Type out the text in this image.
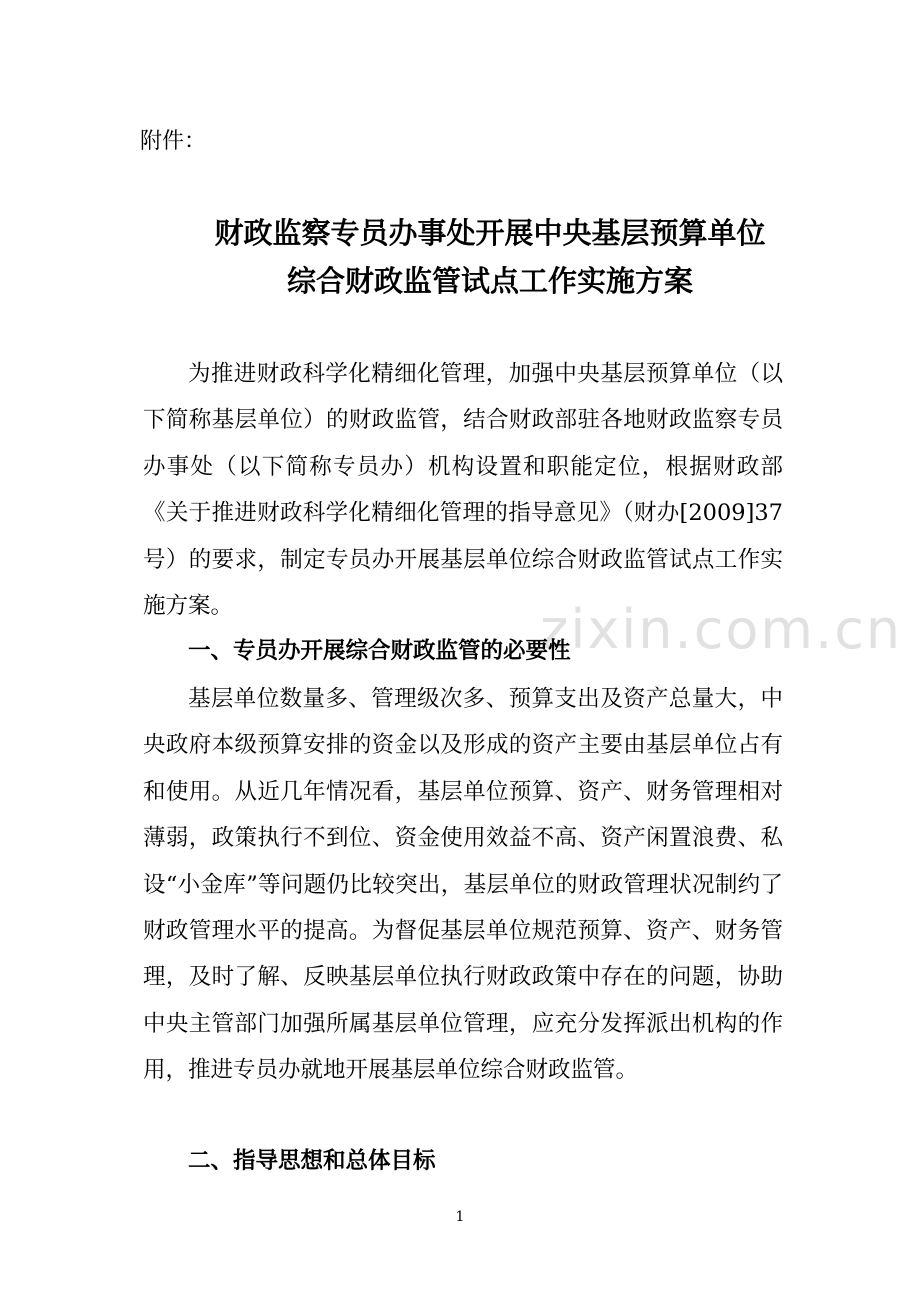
附件：

财政监察专员办事处开展中央基层预算单位
综合财政监管试点工作实施方案

为推进财政科学化精细化管理，加强中央基层预算单位（以下简称基层单位）的财政监管，结合财政部驻各地财政监察专员办事处（以下简称专员办）机构设置和职能定位，根据财政部《关于推进财政科学化精细化管理的指导意见》（财办[2009]37号）的要求，制定专员办开展基层单位综合财政监管试点工作实施方案。	zixin.com.cn
一、专员办开展综合财政监管的必要性

基层单位数量多、管理级次多、预算支出及资产总量大，中央政府本级预算安排的资金以及形成的资产主要由基层单位占有和使用。从近几年情况看，基层单位预算、资产、财务管理相对薄弱，政策执行不到位、资金使用效益不高、资产闲置浪费、私设“小金库”等问题仍比较突出，基层单位的财政管理状况制约了财政管理水平的提高。为督促基层单位规范预算、资产、财务管理，及时了解、反映基层单位执行财政政策中存在的问题，协助中央主管部门加强所属基层单位管理，应充分发挥派出机构的作用，推进专员办就地开展基层单位综合财政监管。

二、指导思想和总体目标
1
